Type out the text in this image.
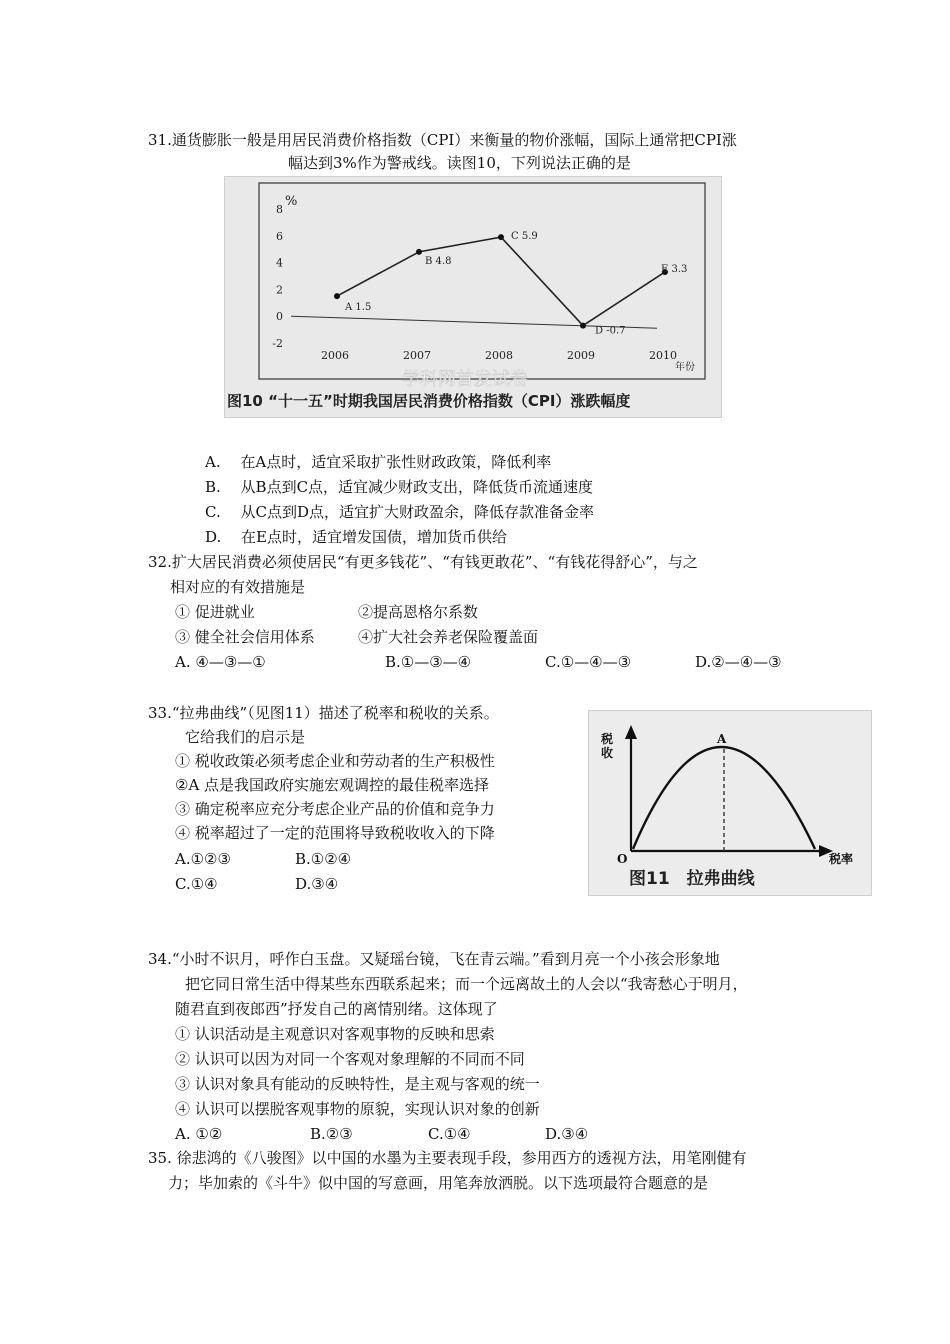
31.通货膨胀一般是用居民消费价格指数（CPI）来衡量的物价涨幅，国际上通常把CPI涨
幅达到3%作为警戒线。读图10，下列说法正确的是
-2
0
2
4
6
8
2006	2007	2008	2009	2010
A 1.5
B 4.8
C 5.9
D -0.7
E 3.3
%
年份
学科网首发试卷
图10 “十一五”时期我国居民消费价格指数（CPI）涨跌幅度
A.　 在A点时，适宜采取扩张性财政政策，降低利率
B.　 从B点到C点，适宜减少财政支出，降低货币流通速度
C.　 从C点到D点，适宜扩大财政盈余，降低存款准备金率
D.　 在E点时，适宜增发国债，增加货币供给
32.扩大居民消费必须使居民“有更多钱花”、“有钱更敢花”、“有钱花得舒心”，与之
相对应的有效措施是
① 促进就业	②提高恩格尔系数
③ 健全社会信用体系	④扩大社会养老保险覆盖面
A. ④—③—①	B.①—③—④	C.①—④—③	D.②—④—③
33.“拉弗曲线”（见图11）描述了税率和税收的关系。
它给我们的启示是
① 税收政策必须考虑企业和劳动者的生产积极性
②A 点是我国政府实施宏观调控的最佳税率选择
③ 确定税率应充分考虑企业产品的价值和竞争力
④ 税率超过了一定的范围将导致税收收入的下降
A.①②③	B.①②④
C.①④	D.③④
税
收
A
O	税率
图11　拉弗曲线
34.“小时不识月，呼作白玉盘。又疑瑶台镜，飞在青云端。”看到月亮一个小孩会形象地
把它同日常生活中得某些东西联系起来；而一个远离故土的人会以“我寄愁心于明月，
随君直到夜郎西”抒发自己的离情别绪。这体现了
① 认识活动是主观意识对客观事物的反映和思索
② 认识可以因为对同一个客观对象理解的不同而不同
③ 认识对象具有能动的反映特性，是主观与客观的统一
④ 认识可以摆脱客观事物的原貌，实现认识对象的创新
A. ①②	B.②③	C.①④	D.③④
35. 徐悲鸿的《八骏图》以中国的水墨为主要表现手段，参用西方的透视方法，用笔刚健有
力；毕加索的《斗牛》似中国的写意画，用笔奔放洒脱。以下选项最符合题意的是
